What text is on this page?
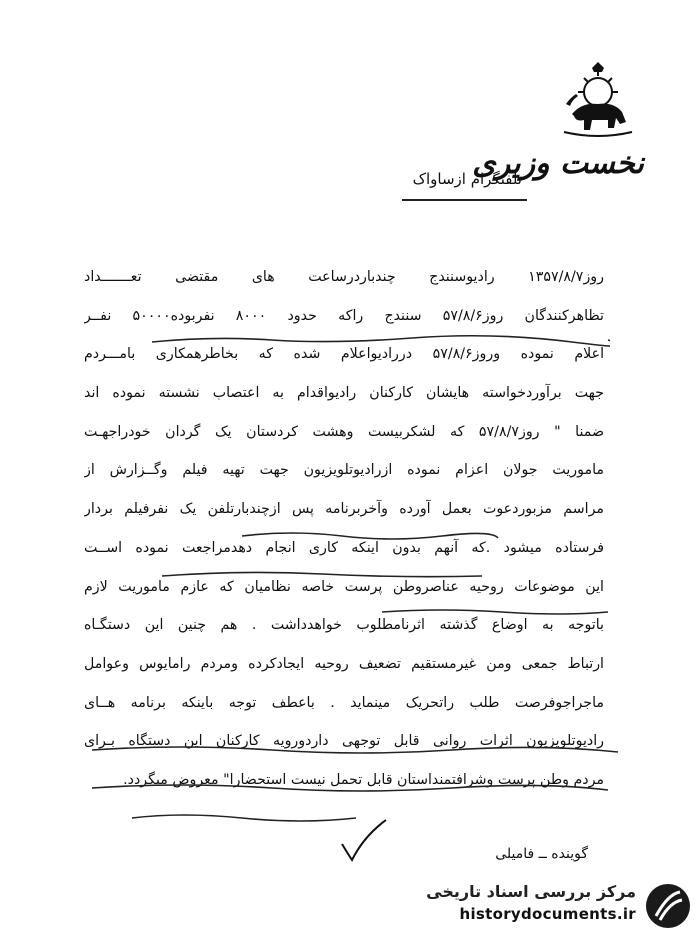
نخست وزیری
تلفنگرام ازساواک
روز۱۳۵۷/۸/۷ رادیوسنندج چندباردرساعت های مقتضی تعـــــــداد
تظاهرکنندگان روز۵۷/۸/۶ سنندج راکه حدود ۸۰۰۰ نفربوده۵۰۰۰۰ نفــر
اعلام نموده وروز۵۷/۸/۶ دررادیواعلام شده که بخاطرهمکاری بامـــردم
جهت برآوردخواسته هایشان کارکنان رادیواقدام به اعتصاب نشسته نموده اند
ضمنا " روز۵۷/۸/۷ که لشکربیست وهشت کردستان یک گردان خودراجهـت
ماموریت جولان اعزام نموده ازرادیوتلویزیون جهت تهیه فیلم وگــزارش از
مراسم مزبوردعوت بعمل آورده وآخربرنامه پس ازچندبارتلفن یک نفرفیلم بردار
فرستاده میشود .که آنهم بدون اینکه کاری انجام دهدمراجعت نموده اســت
این موضوعات روحیه عناصروطن پرست خاصه نظامیان که عازم ماموریت لازم
باتوجه به اوضاع گذشته اثرنامطلوب خواهدداشت . هم چنین این دستگـاه
ارتباط جمعی ومن غیرمستقیم تضعیف روحیه ایجادکرده ومردم رامایوس وعوامل
ماجراجوفرصت طلب راتحریک مینماید . باعطف توجه باینکه برنامه هــای
رادیوتلویزیون اثرات روانی قابل توجهی داردورویه کارکنان این دستگاه بـرای
مردم وطن پرست وشرافتمنداستان قابل تحمل نیست استحضارا" معروض میگردد.
گوینده ــ فامیلی
مرکز بررسی اسناد تاریخی
historydocuments.ir
